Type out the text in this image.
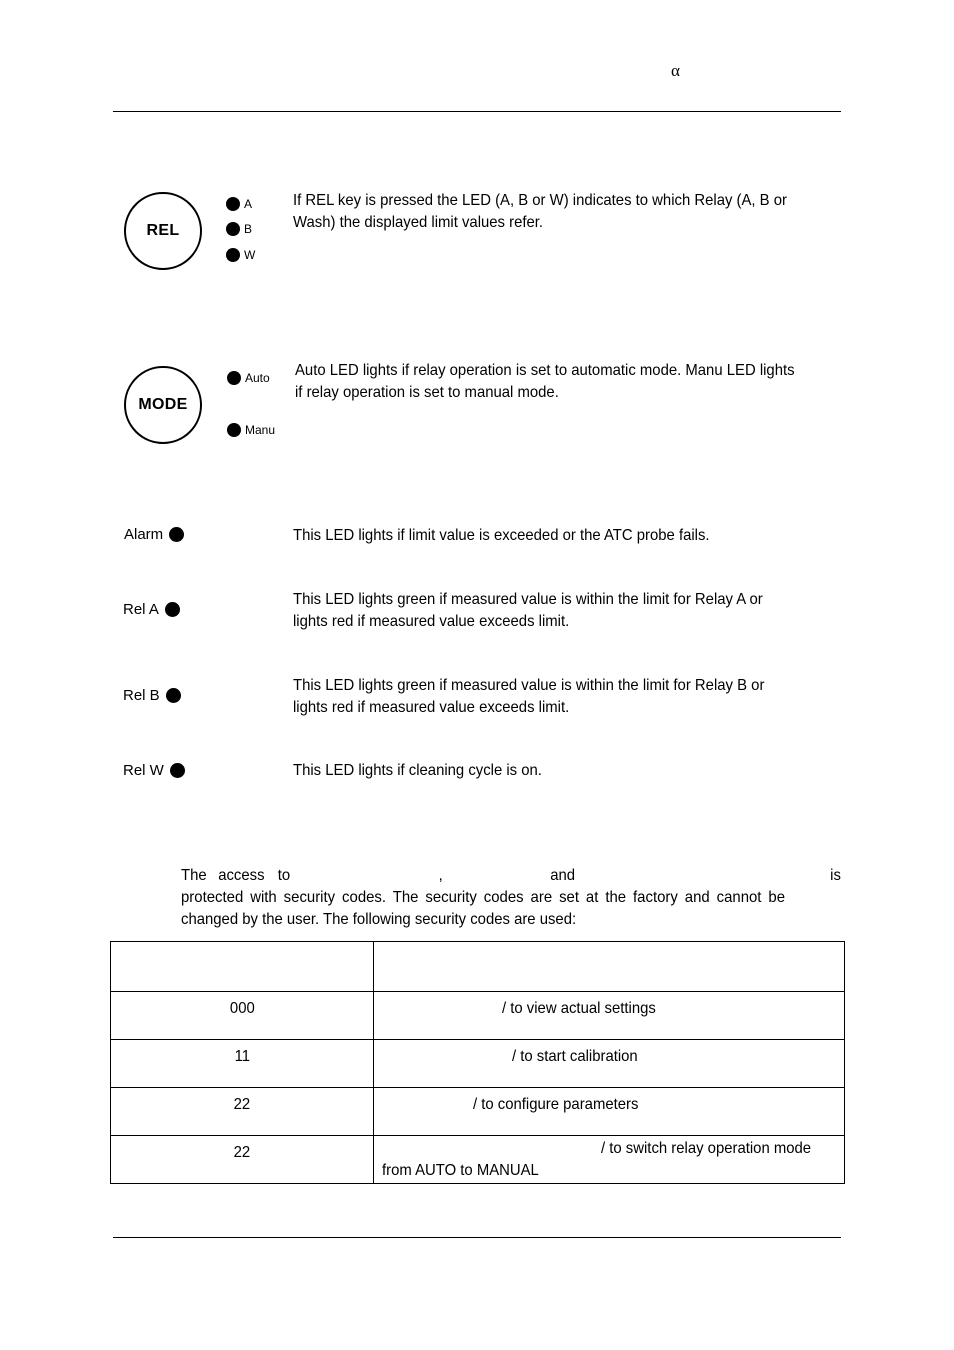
α
REL
A
B
W
If REL key is pressed the LED (A, B or W) indicates to which Relay (A, B or
Wash) the displayed limit values refer.
MODE
Auto
Manu
Auto LED lights if relay operation is set to automatic mode. Manu LED lights
if relay operation is set to manual mode.
Alarm	This LED lights if limit value is exceeded or the ATC probe fails.
Rel A
This LED lights green if measured value is within the limit for Relay A or
lights red if measured value exceeds limit.
Rel B
This LED lights green if measured value is within the limit for Relay B or
lights red if measured value exceeds limit.
Rel W	This LED lights if cleaning cycle is on.
The access to	,	and	is
protected with security codes. The security codes are set at the factory and cannot be
changed by the user. The following security codes are used:

000	/ to view actual settings
11	/ to start calibration
22	/ to configure parameters
22	/ to switch relay operation mode
from AUTO to MANUAL
